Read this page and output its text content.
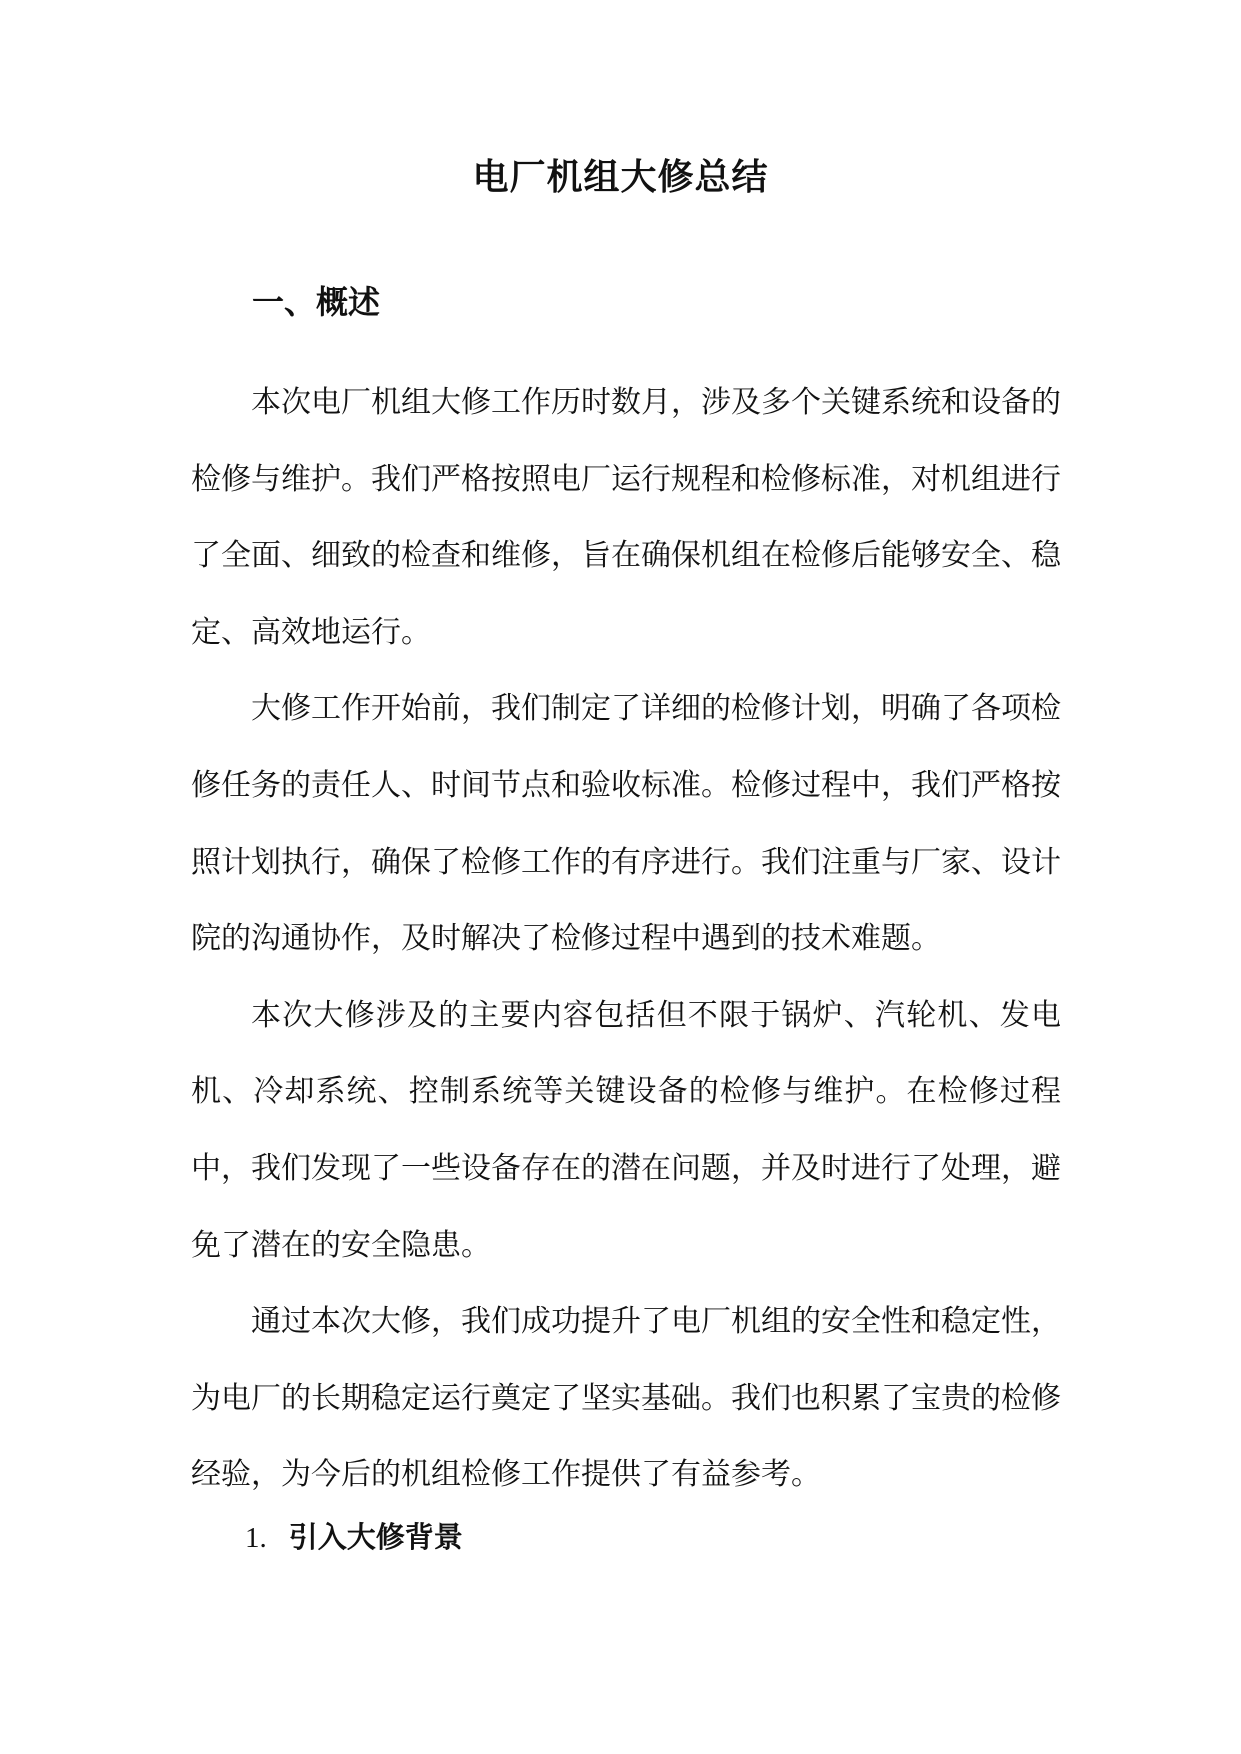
电厂机组大修总结
一、概述

本次电厂机组大修工作历时数月，涉及多个关键系统和设备的检修与维护。我们严格按照电厂运行规程和检修标准，对机组进行了全面、细致的检查和维修，旨在确保机组在检修后能够安全、稳定、高效地运行。

大修工作开始前，我们制定了详细的检修计划，明确了各项检修任务的责任人、时间节点和验收标准。检修过程中，我们严格按照计划执行，确保了检修工作的有序进行。我们注重与厂家、设计院的沟通协作，及时解决了检修过程中遇到的技术难题。

本次大修涉及的主要内容包括但不限于锅炉、汽轮机、发电机、冷却系统、控制系统等关键设备的检修与维护。在检修过程中，我们发现了一些设备存在的潜在问题，并及时进行了处理，避免了潜在的安全隐患。

通过本次大修，我们成功提升了电厂机组的安全性和稳定性，为电厂的长期稳定运行奠定了坚实基础。我们也积累了宝贵的检修经验，为今后的机组检修工作提供了有益参考。

1. 引入大修背景
